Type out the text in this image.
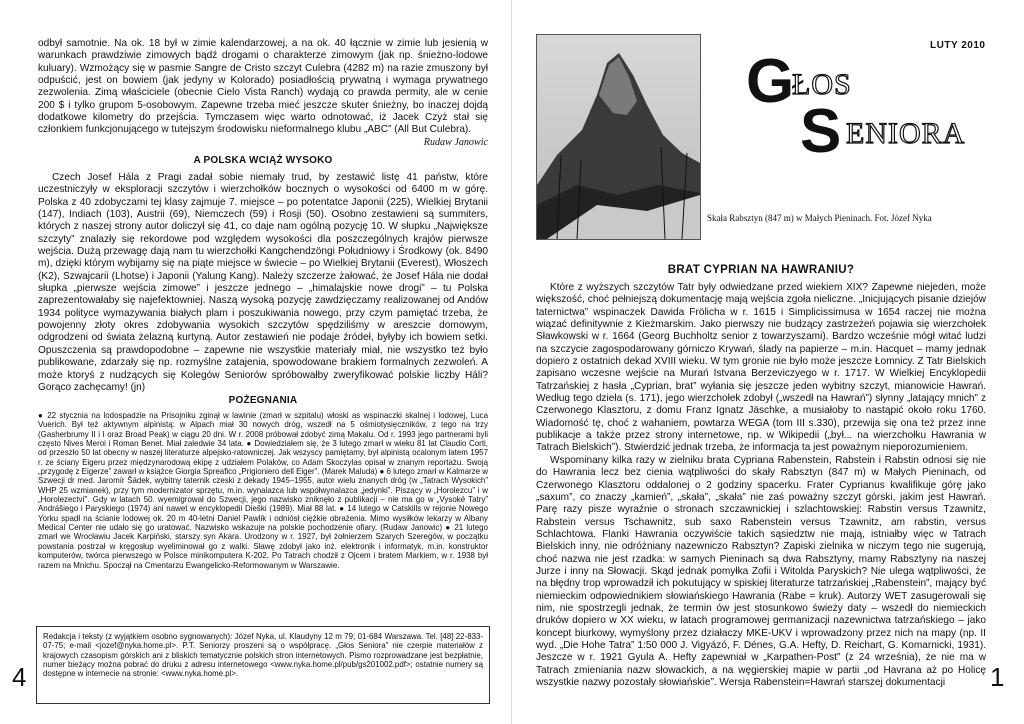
odbył samotnie. Na ok. 18 był w zimie kalendarzowej, a na ok. 40 łącznie w zimie lub jesienią w warunkach prawdziwie zimowych bądź drogami o charakterze zimowym (jak np. śnieżno-lodowe kuluary). Wzmożący się w pasmie Sangre de Cristo szczyt Culebra (4282 m) na razie zmuszony był odpuścić, jest on bowiem (jak jedyny w Kolorado) posiadłością prywatną i wymaga prywatnego zezwolenia. Zimą właściciele (obecnie Cielo Vista Ranch) wydają co prawda permity, ale w cenie 200 $ i tylko grupom 5-osobowym. Zapewne trzeba mieć jeszcze skuter śnieżny, bo inaczej dojdą dodatkowe kilometry do przejścia. Tymczasem więc warto odnotować, iż Jacek Czyż stał się członkiem funkcjonującego w tutejszym środowisku nieformalnego klubu „ABC” (All But Culebra).

Rudaw Janowic

A POLSKA WCIĄŻ WYSOKO

Czech Josef Hála z Pragi zadał sobie niemały trud, by zestawić listę 41 państw, które uczestniczyły w eksploracji szczytów i wierzchołków bocznych o wysokości od 6400 m w górę. Polska z 40 zdobyczami tej klasy zajmuje 7. miejsce – po potentatce Japonii (225), Wielkiej Brytanii (147), Indiach (103), Austrii (69), Niemczech (59) i Rosji (50). Osobno zestawieni są summiters, których z naszej strony autor doliczył się 41, co daje nam ogólną pozycję 10. W słupku „Największe szczyty” znalazły się rekordowe pod względem wysokości dla poszczególnych krajów pierwsze wejścia. Dużą przewagę dają nam tu wierzchołki Kangchendzöngi Południowy i Środkowy (ok. 8490 m), dzięki którym wybijamy się na piąte miejsce w świecie – po Wielkiej Brytanii (Everest), Włoszech (K2), Szwajcarii (Lhotse) i Japonii (Yalung Kang). Należy szczerze żałować, że Josef Hála nie dodał słupka „pierwsze wejścia zimowe” i jeszcze jednego – „himalajskie nowe drogi” – tu Polska zaprezentowałaby się najefektowniej. Naszą wysoką pozycję zawdzięczamy realizowanej od Andów 1934 polityce wymazywania białych plam i poszukiwania nowego, przy czym pamiętać trzeba, że powojenny złoty okres zdobywania wysokich szczytów spędziliśmy w areszcie domowym, odgrodzeni od świata żelazną kurtyną. Autor zestawień nie podaje źródeł, byłyby ich bowiem setki. Opuszczenia są prawdopodobne – zapewne nie wszystkie materiały miał, nie wszystko też było publikowane, zdarzały się np. rozmyślne zatajenia, spowodowane brakiem formalnych zezwoleń. A może ktoryś z nudzących się Kolegów Seniorów spróbowałby zweryfikować polskie liczby Háli? Gorąco zachęcamy! (jn)

POŻEGNANIA

● 22 stycznia na lodospadzie na Prisojniku zginął w lawinie (zmarł w szpitalu) włoski as wspinaczki skalnej i lodowej, Luca Vuerich. Był też aktywnym alpinistą: w Alpach miał 30 nowych dróg, wszedł na 5 ośmiotysięczników, z tego na trzy (Gasherbrumy II i I oraz Broad Peak) w ciągu 20 dni. W r. 2008 próbował zdobyć zimą Makalu. Od r. 1993 jego partnerami byli często Nives Meroi i Roman Benet. Miał zaledwie 34 lata. ● Dowiedziałem się, że 3 lutego zmarł w wieku 81 lat Claudio Corti, od przeszło 50 lat obecny w naszej literaturze alpejsko-ratowniczej. Jak wszyscy pamiętamy, był alpinistą ocalonym latem 1957 r. ze ściany Eigeru przez międzynarodową ekipę z udziałem Polaków, co Adam Skoczylas opisał w znanym reportażu. Swoją „przygodę z Eigerze” zawarł w książce Giorgia Spreafico „Prigioniero dell Eiger”. (Marek Maluda) ● 6 lutego zmarł w Kalmarze w Szwecji dr med. Jaromír Šádek, wybitny taternik czeski z dekady 1945–1955, autor wielu znanych dróg (w „Tatrach Wysokich” WHP 25 wzmianek), przy tym modernizator sprzętu, m.in. wynalazca lub współwynalazca „jedynki”. Piszący w „Horolezcu” i w „Horolezectví”. Gdy w latach 50. wyemigrował do Szwecji, jego nazwisko zniknęło z publikacji – nie ma go w „Vysoké Tatry” Andrášiego i Paryskiego (1974) ani nawet w encyklopedii Dieški (1989). Miał 88 lat. ● 14 lutego w Catskills w rejonie Nowego Yorku spadł na ścianie lodowej ok. 20 m 40-letni Daniel Pawlik i odniósł ciężkie obrażenia. Mimo wysiłków lekarzy w Albany Medical Center nie udało się go uratować. Nazwisko wskazuje na polskie pochodzenie ofiary. (Rudaw Janowic) ● 21 lutego zmarł we Wrocławiu Jacek Karpiński, starszy syn Akara. Urodzony w r. 1927, był żołnierzem Szarych Szeregów, w początku powstania postrzał w kręgosłup wyeliminował go z walki. Sławę zdobył jako inż. elektronik i informatyk, m.in. konstruktor komputerów, twórca pierwszego w Polsce minikomputera K-202. Po Tatrach chodził z Ojcem i bratem Markiem, w r. 1938 był razem na Mnichu. Spoczął na Cmentarzu Ewangelicko-Reformowanym w Warszawie.

Redakcja i teksty (z wyjątkiem osobno sygnowanych): Józef Nyka, ul. Klaudyny 12 m 79; 01-684 Warszawa. Tel. [48] 22-833-07-75; e-mail <jozef@nyka.home.pl>. P.T. Seniorzy proszeni są o współpracę. „Głos Seniora” nie czerpie materiałów z krajowych czasopism górskich ani z bliskich tematycznie polskich stron internetowych. Pismo rozprowadzane jest bezpłatnie, numer bieżący można pobrać do druku z adresu internetowego <www.nyka.home.pl/pub/gs201002.pdf>; ostatnie numery są dostępne w internecie na stronie: <www.nyka.home.pl>.
4
LUTY 2010
G
ŁOS
S ENIORA
Skała Rabsztyn (847 m) w Małych Pieninach. Fot. Józef Nyka

BRAT CYPRIAN NA HAWRANIU?

Które z wyższych szczytów Tatr były odwiedzane przed wiekiem XIX? Zapewne niejeden, może większość, choć pełniejszą dokumentację mają wejścia zgoła nieliczne. „Inicjujących pisanie dziejów taternictwa” wspinaczek Dawida Frölicha w r. 1615 i Simplicissimusa w 1654 raczej nie można wiązać definitywnie z Kieżmarskim. Jako pierwszy nie budzący zastrzeżeń pojawia się wierzchołek Sławkowski w r. 1664 (Georg Buchholtz senior z towarzyszami). Bardzo wcześnie mógł witać ludzi na szczycie zagospodarowany górniczo Krywań, ślady na papierze – m.in. Hacquet – mamy jednak dopiero z ostatnich dekad XVIII wieku. W tym gronie nie było może jeszcze Łomnicy. Z Tatr Bielskich zapisano wczesne wejście na Murań Istvana Berzeviczyego w r. 1717. W Wielkiej Encyklopedii Tatrzańskiej z hasła „Cyprian, brat” wyłania się jeszcze jeden wybitny szczyt, mianowicie Hawrań. Według tego dzieła (s. 171), jego wierzchołek zdobył („wszedł na Hawrań”) słynny „latający mnich” z Czerwonego Klasztoru, z domu Franz Ignatz Jäschke, a musiałoby to nastąpić około roku 1760. Wiadomość tę, choć z wahaniem, powtarza WEGA (tom III s.330), przewija się ona też przez inne publikacje a także przez strony internetowe, np. w Wikipedii („był... na wierzchołku Hawrania w Tatrach Bielskich”). Stwierdzić jednak trzeba, że informacja ta jest poważnym nieporozumieniem.

Wspominany kilka razy w zielniku brata Cypriana Rabenstein, Rabstein i Rabstin odnosi się nie do Hawrania lecz bez cienia wątpliwości do skały Rabsztyn (847 m) w Małych Pieninach, od Czerwonego Klasztoru oddalonej o 2 godziny spacerku. Frater Cyprianus kwalifikuje górę jako „saxum”, co znaczy „kamień”, „skała”, „skała” nie zaś poważny szczyt górski, jakim jest Hawrań. Parę razy pisze wyraźnie o stronach szczawnickiej i szlachtowskiej: Rabstin versus Tzawnitz, Rabstein versus Tschawnitz, sub saxo Rabenstein versus Tzawnitz, am rabstin, versus Schlachtowa. Flanki Hawrania oczywiście takich sąsiedztw nie mają, istniałby więc w Tatrach Bielskich inny, nie odróżniany nazewniczo Rabsztyn? Zapiski zielnika w niczym tego nie sugerują, choć nazwa nie jest rzadka: w samych Pieninach są dwa Rabsztyny, mamy Rabsztyny na naszej Jurze i inny na Słowacji. Skąd jednak pomyłka Zofii i Witolda Paryskich? Nie ulega wątpliwości, że na błędny trop wprowadził ich pokutujący w spiskiej literaturze tatrzańskiej „Rabenstein”, mający być niemieckim odpowiednikiem słowiańskiego Hawrania (Rabe = kruk). Autorzy WET zasugerowali się nim, nie spostrzegli jednak, że termin ów jest stosunkowo świeży daty – wszedł do niemieckich druków dopiero w XX wieku, w latach programowej germanizacji nazewnictwa tatrzańskiego – jako koncept biurkowy, wymyślony przez działaczy MKE-UKV i wprowadzony przez nich na mapy (np. II wyd. „Die Hohe Tatra” 1:50 000 J. Vigyázó, F. Dénes, G.A. Hefty, D. Reichart, G. Komarnicki, 1931). Jeszcze w r. 1921 Gyula A. Hefty zapewniał w „Karpathen-Post” (z 24 września), że nie ma w Tatrach zmieniania nazw słowackich, a na węgierskiej mapie w partii „od Havrana aż po Holicę wszystkie nazwy pozostały słowiańskie”. Wersja Rabenstein=Hawrań starszej dokumentacji	1
